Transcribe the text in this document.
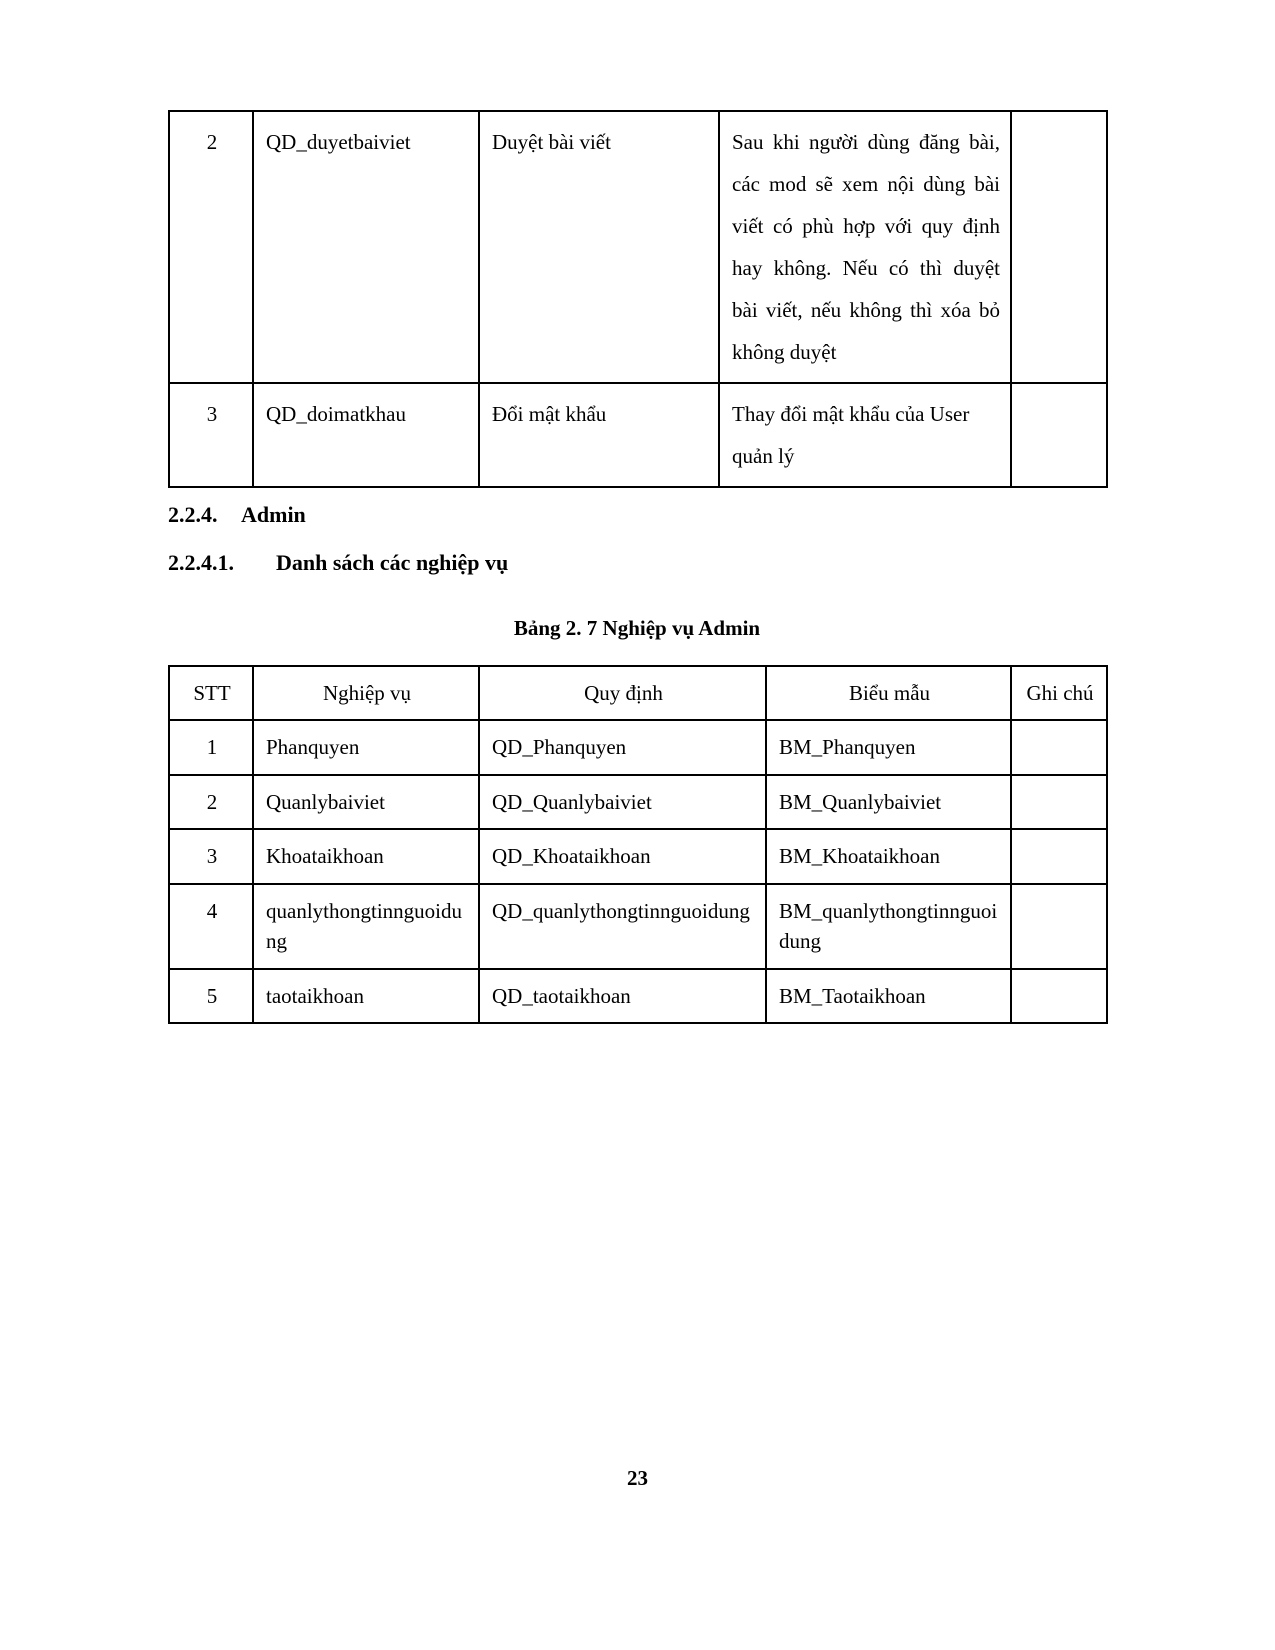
2	QD_duyetbaiviet	Duyệt bài viết	Sau khi người dùng đăng bài, các mod sẽ xem nội dùng bài viết có phù hợp với quy định hay không. Nếu có thì duyệt bài viết, nếu không thì xóa bỏ không duyệt	
3	QD_doimatkhau	Đổi mật khẩu	Thay đổi mật khẩu của User quản lý	
2.2.4. Admin
2.2.4.1. Danh sách các nghiệp vụ
Bảng 2. 7 Nghiệp vụ Admin
STT	Nghiệp vụ	Quy định	Biểu mẫu	Ghi chú
1	Phanquyen	QD_Phanquyen	BM_Phanquyen	
2	Quanlybaiviet	QD_Quanlybaiviet	BM_Quanlybaiviet	
3	Khoataikhoan	QD_Khoataikhoan	BM_Khoataikhoan	
4	quanlythongtinnguoidung	QD_quanlythongtinnguoidung	BM_quanlythongtinnguoidung	
5	taotaikhoan	QD_taotaikhoan	BM_Taotaikhoan	
23
